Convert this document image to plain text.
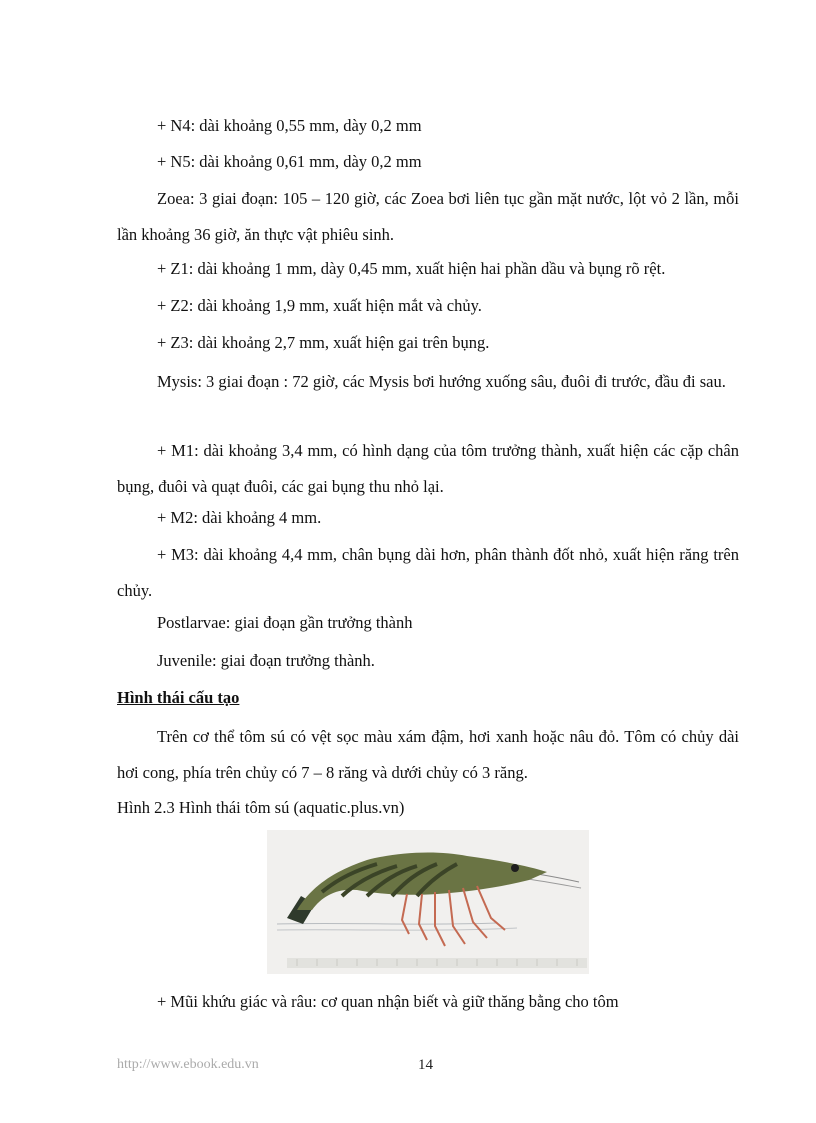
+ N4: dài khoảng 0,55 mm, dày 0,2 mm
+ N5: dài khoảng 0,61 mm, dày 0,2 mm
Zoea: 3 giai đoạn: 105 – 120 giờ, các Zoea bơi liên tục gần mặt nước, lột vỏ 2 lần, mỗi lần khoảng 36 giờ, ăn thực vật phiêu sinh.
+ Z1: dài khoảng 1 mm, dày 0,45 mm, xuất hiện hai phần dầu và bụng rõ rệt.
+ Z2: dài khoảng 1,9 mm, xuất hiện mắt và chủy.
+ Z3: dài khoảng 2,7 mm, xuất hiện gai trên bụng.
Mysis: 3 giai đoạn : 72 giờ, các Mysis bơi hướng xuống sâu, đuôi đi trước, đầu đi sau.
+ M1: dài khoảng 3,4 mm, có hình dạng của tôm trưởng thành, xuất hiện các cặp chân bụng, đuôi và quạt đuôi, các gai bụng thu nhỏ lại.
+ M2: dài khoảng 4 mm.
+ M3: dài khoảng 4,4 mm, chân bụng dài hơn, phân thành đốt nhỏ, xuất hiện răng trên chủy.
Postlarvae: giai đoạn gần trưởng thành
Juvenile: giai đoạn trưởng thành.
Hình thái cấu tạo
Trên cơ thể tôm sú có vệt sọc màu xám đậm, hơi xanh hoặc nâu đỏ. Tôm có chủy dài hơi cong, phía trên chủy có 7 – 8 răng và dưới chủy có 3 răng.
Hình 2.3 Hình thái tôm sú (aquatic.plus.vn)
+ Mũi khứu giác và râu: cơ quan nhận biết và giữ thăng bằng cho tôm
http://www.ebook.edu.vn	14
